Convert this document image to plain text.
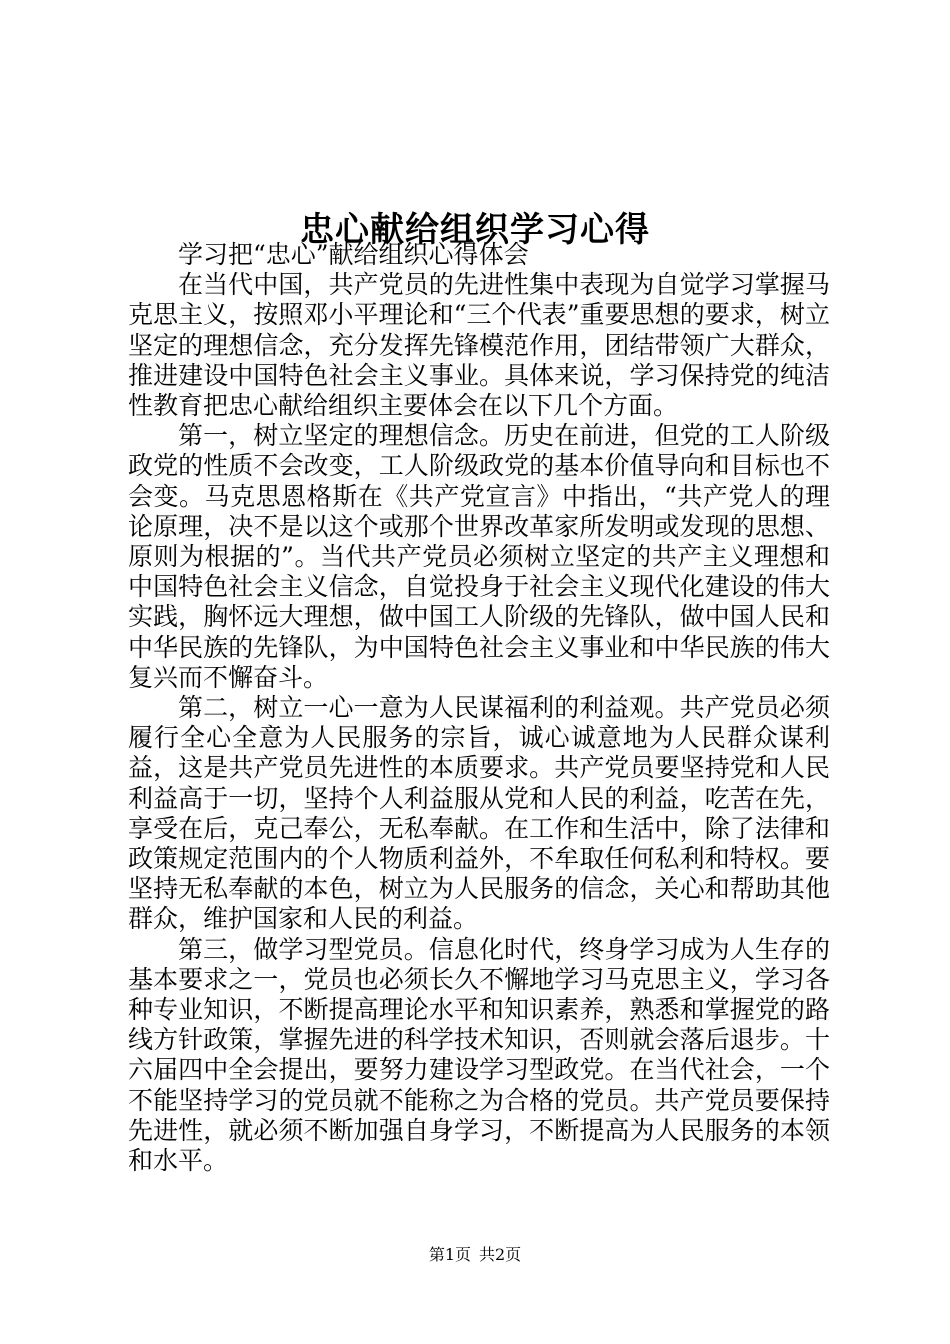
忠心献给组织学习心得

学习把“忠心”献给组织心得体会

在当代中国，共产党员的先进性集中表现为自觉学习掌握马克思主义，按照邓小平理论和“三个代表”重要思想的要求，树立坚定的理想信念，充分发挥先锋模范作用，团结带领广大群众，推进建设中国特色社会主义事业。具体来说，学习保持党的纯洁性教育把忠心献给组织主要体会在以下几个方面。

第一，树立坚定的理想信念。历史在前进，但党的工人阶级政党的性质不会改变，工人阶级政党的基本价值导向和目标也不会变。马克思恩格斯在《共产党宣言》中指出，“共产党人的理论原理，决不是以这个或那个世界改革家所发明或发现的思想、原则为根据的”。当代共产党员必须树立坚定的共产主义理想和中国特色社会主义信念，自觉投身于社会主义现代化建设的伟大实践，胸怀远大理想，做中国工人阶级的先锋队，做中国人民和中华民族的先锋队，为中国特色社会主义事业和中华民族的伟大复兴而不懈奋斗。

第二，树立一心一意为人民谋福利的利益观。共产党员必须履行全心全意为人民服务的宗旨，诚心诚意地为人民群众谋利益，这是共产党员先进性的本质要求。共产党员要坚持党和人民利益高于一切，坚持个人利益服从党和人民的利益，吃苦在先，享受在后，克己奉公，无私奉献。在工作和生活中，除了法律和政策规定范围内的个人物质利益外，不牟取任何私利和特权。要坚持无私奉献的本色，树立为人民服务的信念，关心和帮助其他群众，维护国家和人民的利益。

第三，做学习型党员。信息化时代，终身学习成为人生存的基本要求之一，党员也必须长久不懈地学习马克思主义，学习各种专业知识，不断提高理论水平和知识素养，熟悉和掌握党的路线方针政策，掌握先进的科学技术知识，否则就会落后退步。十六届四中全会提出，要努力建设学习型政党。在当代社会，一个不能坚持学习的党员就不能称之为合格的党员。共产党员要保持先进性，就必须不断加强自身学习，不断提高为人民服务的本领和水平。

第1页 共2页
